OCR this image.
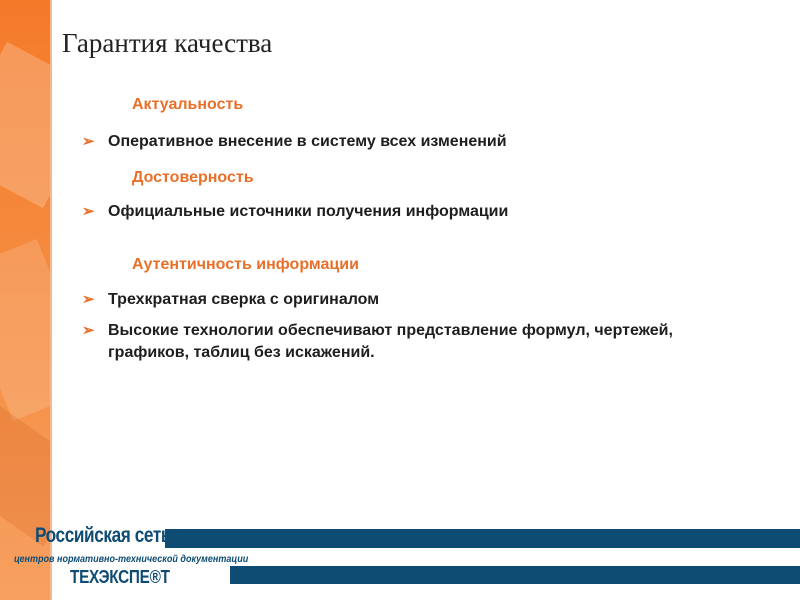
Гарантия качества
Актуальность
➢ Оперативное внесение в систему всех изменений
Достоверность
➢ Официальные источники получения информации
Аутентичность информации
➢ Трехкратная сверка с оригиналом
➢ Высокие технологии обеспечивают представление формул, чертежей, графиков, таблиц без искажений.
Российская сеть
центров нормативно-технической документации
ТЕХЭКСПЕ®Т
